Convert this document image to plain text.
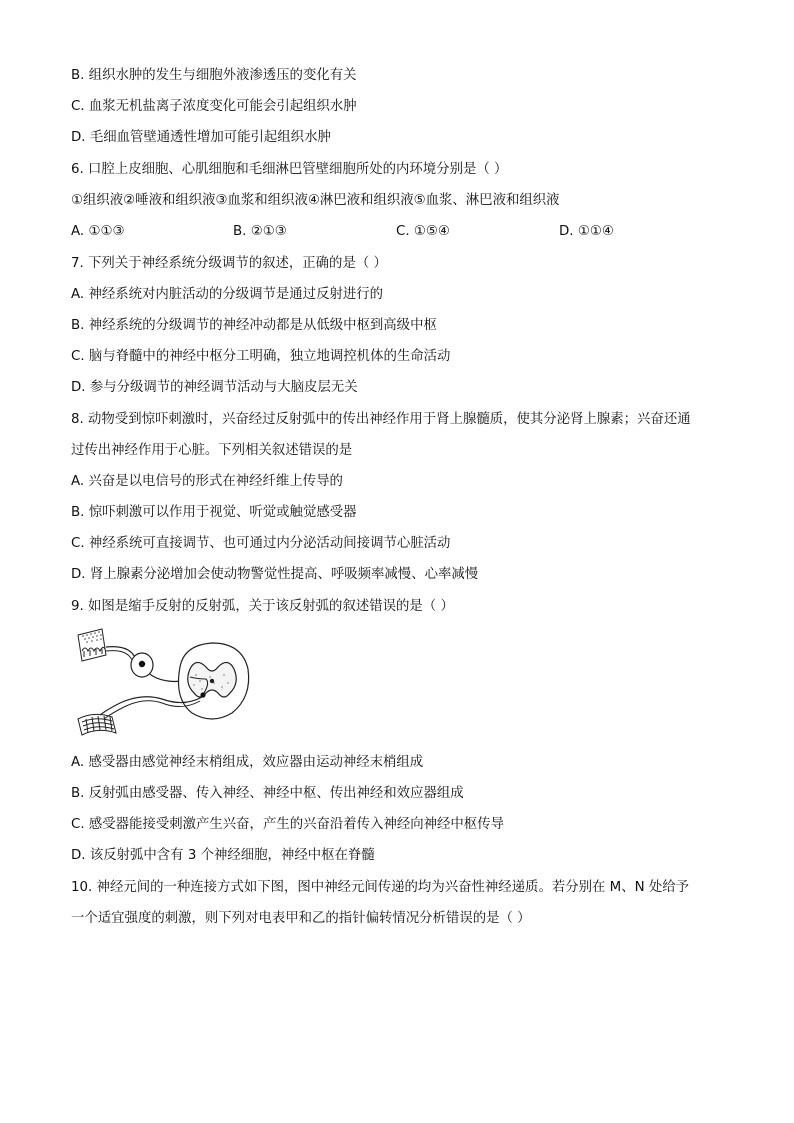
B. 组织水肿的发生与细胞外液渗透压的变化有关
C. 血浆无机盐离子浓度变化可能会引起组织水肿
D. 毛细血管壁通透性增加可能引起组织水肿
6. 口腔上皮细胞、心肌细胞和毛细淋巴管壁细胞所处的内环境分别是（ ）
①组织液②唾液和组织液③血浆和组织液④淋巴液和组织液⑤血浆、淋巴液和组织液
A. ①①③	B. ②①③	C. ①⑤④	D. ①①④
7. 下列关于神经系统分级调节的叙述，正确的是（ ）
A. 神经系统对内脏活动的分级调节是通过反射进行的
B. 神经系统的分级调节的神经冲动都是从低级中枢到高级中枢
C. 脑与脊髓中的神经中枢分工明确，独立地调控机体的生命活动
D. 参与分级调节的神经调节活动与大脑皮层无关
8. 动物受到惊吓刺激时，兴奋经过反射弧中的传出神经作用于肾上腺髓质，使其分泌肾上腺素；兴奋还通
过传出神经作用于心脏。下列相关叙述错误的是
A. 兴奋是以电信号的形式在神经纤维上传导的
B. 惊吓刺激可以作用于视觉、听觉或触觉感受器
C. 神经系统可直接调节、也可通过内分泌活动间接调节心脏活动
D. 肾上腺素分泌增加会使动物警觉性提高、呼吸频率减慢、心率减慢
9. 如图是缩手反射的反射弧，关于该反射弧的叙述错误的是（ ）
A. 感受器由感觉神经末梢组成，效应器由运动神经末梢组成
B. 反射弧由感受器、传入神经、神经中枢、传出神经和效应器组成
C. 感受器能接受刺激产生兴奋，产生的兴奋沿着传入神经向神经中枢传导
D. 该反射弧中含有 3 个神经细胞，神经中枢在脊髓
10. 神经元间的一种连接方式如下图，图中神经元间传递的均为兴奋性神经递质。若分别在 M、N 处给予
一个适宜强度的刺激，则下列对电表甲和乙的指针偏转情况分析错误的是（ ）
